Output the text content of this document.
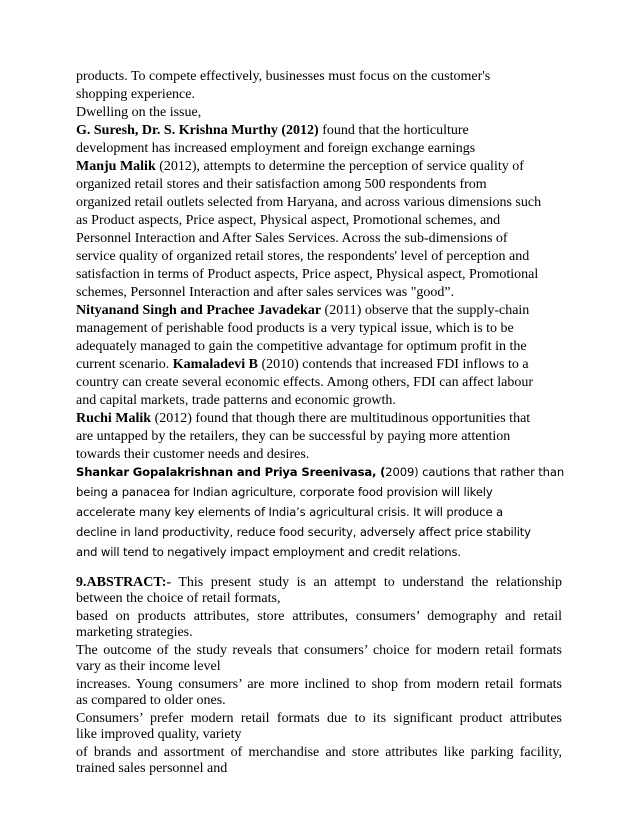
products. To compete effectively, businesses must focus on the customer's
shopping experience.
Dwelling on the issue,
G. Suresh, Dr. S. Krishna Murthy (2012) found that the horticulture
development has increased employment and foreign exchange earnings
Manju Malik (2012), attempts to determine the perception of service quality of
organized retail stores and their satisfaction among 500 respondents from
organized retail outlets selected from Haryana, and across various dimensions such
as Product aspects, Price aspect, Physical aspect, Promotional schemes, and
Personnel Interaction and After Sales Services. Across the sub-dimensions of
service quality of organized retail stores, the respondents' level of perception and
satisfaction in terms of Product aspects, Price aspect, Physical aspect, Promotional
schemes, Personnel Interaction and after sales services was "good”.
Nityanand Singh and Prachee Javadekar (2011) observe that the supply-chain
management of perishable food products is a very typical issue, which is to be
adequately managed to gain the competitive advantage for optimum profit in the
current scenario. Kamaladevi B (2010) contends that increased FDI inflows to a
country can create several economic effects. Among others, FDI can affect labour
and capital markets, trade patterns and economic growth.
Ruchi Malik (2012) found that though there are multitudinous opportunities that
are untapped by the retailers, they can be successful by paying more attention
towards their customer needs and desires.
Shankar Gopalakrishnan and Priya Sreenivasa, (2009) cautions that rather than
being a panacea for Indian agriculture, corporate food provision will likely
accelerate many key elements of India’s agricultural crisis. It will produce a
decline in land productivity, reduce food security, adversely affect price stability
and will tend to negatively impact employment and credit relations.
9.ABSTRACT:- This present study is an attempt to understand the relationship
between the choice of retail formats,
based on products attributes, store attributes, consumers’ demography and retail
marketing strategies.
The outcome of the study reveals that consumers’ choice for modern retail formats
vary as their income level
increases. Young consumers’ are more inclined to shop from modern retail formats
as compared to older ones.
Consumers’ prefer modern retail formats due to its significant product attributes
like improved quality, variety
of brands and assortment of merchandise and store attributes like parking facility,
trained sales personnel and
